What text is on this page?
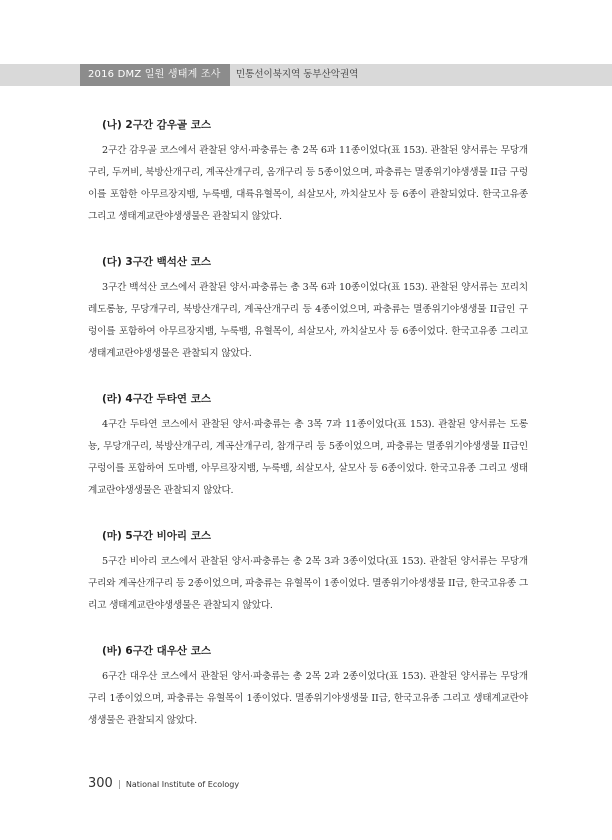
2016 DMZ 일원 생태계 조사	민통선이북지역 동부산악권역
(나) 2구간 감우골 코스

2구간 감우골 코스에서 관찰된 양서·파충류는 총 2목 6과 11종이었다(표 153). 관찰된 양서류는 무당개구리, 두꺼비, 북방산개구리, 계곡산개구리, 옴개구리 등 5종이었으며, 파충류는 멸종위기야생생물 II급 구렁이를 포함한 아무르장지뱀, 누룩뱀, 대륙유혈목이, 쇠살모사, 까치살모사 등 6종이 관찰되었다. 한국고유종 그리고 생태계교란야생생물은 관찰되지 않았다.

(다) 3구간 백석산 코스

3구간 백석산 코스에서 관찰된 양서·파충류는 총 3목 6과 10종이었다(표 153). 관찰된 양서류는 꼬리치레도롱뇽, 무당개구리, 북방산개구리, 계곡산개구리 등 4종이었으며, 파충류는 멸종위기야생생물 II급인 구렁이를 포함하여 아무르장지뱀, 누룩뱀, 유혈목이, 쇠살모사, 까치살모사 등 6종이었다. 한국고유종 그리고 생태계교란야생생물은 관찰되지 않았다.

(라) 4구간 두타연 코스

4구간 두타연 코스에서 관찰된 양서·파충류는 총 3목 7과 11종이었다(표 153). 관찰된 양서류는 도롱뇽, 무당개구리, 북방산개구리, 계곡산개구리, 참개구리 등 5종이었으며, 파충류는 멸종위기야생생물 II급인 구렁이를 포함하여 도마뱀, 아무르장지뱀, 누룩뱀, 쇠살모사, 살모사 등 6종이었다. 한국고유종 그리고 생태계교란야생생물은 관찰되지 않았다.

(마) 5구간 비아리 코스

5구간 비아리 코스에서 관찰된 양서·파충류는 총 2목 3과 3종이었다(표 153). 관찰된 양서류는 무당개구리와 계곡산개구리 등 2종이었으며, 파충류는 유혈목이 1종이었다. 멸종위기야생생물 II급, 한국고유종 그리고 생태계교란야생생물은 관찰되지 않았다.

(바) 6구간 대우산 코스

6구간 대우산 코스에서 관찰된 양서·파충류는 총 2목 2과 2종이었다(표 153). 관찰된 양서류는 무당개구리 1종이었으며, 파충류는 유혈목이 1종이었다. 멸종위기야생생물 II급, 한국고유종 그리고 생태계교란야생생물은 관찰되지 않았다.

300 | National Institute of Ecology
